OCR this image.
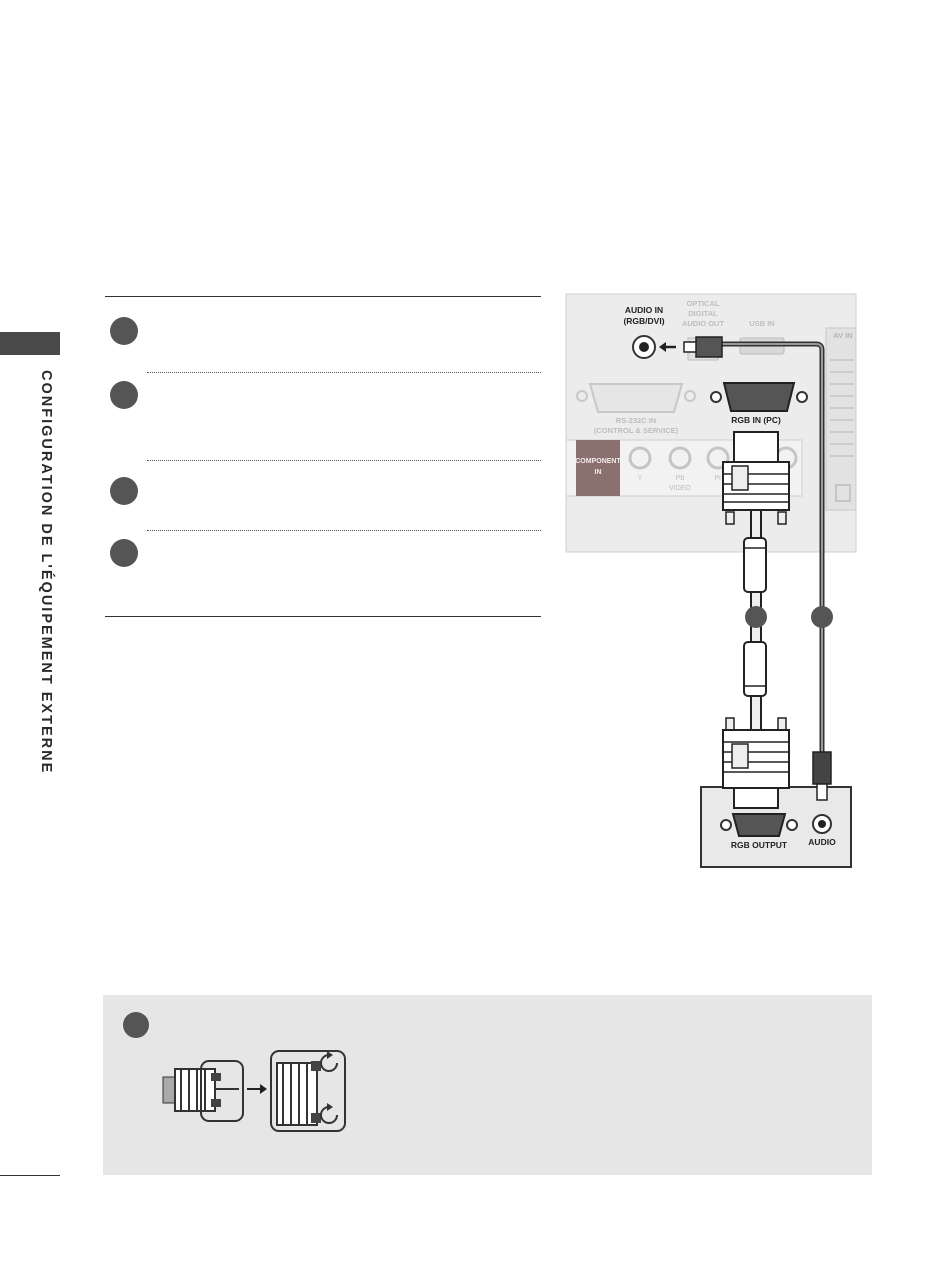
CONFIGURATION DE L'ÉQUIPEMENT EXTERNE
AUDIO IN
(RGB/DVI)
OPTICAL
DIGITAL
AUDIO OUT	USB IN
AV IN
RS-232C IN
(CONTROL & SERVICE)
RGB IN (PC)
COMPONENT
IN
Y	Pb	Pr
VIDEO
RGB OUTPUT AUDIO
